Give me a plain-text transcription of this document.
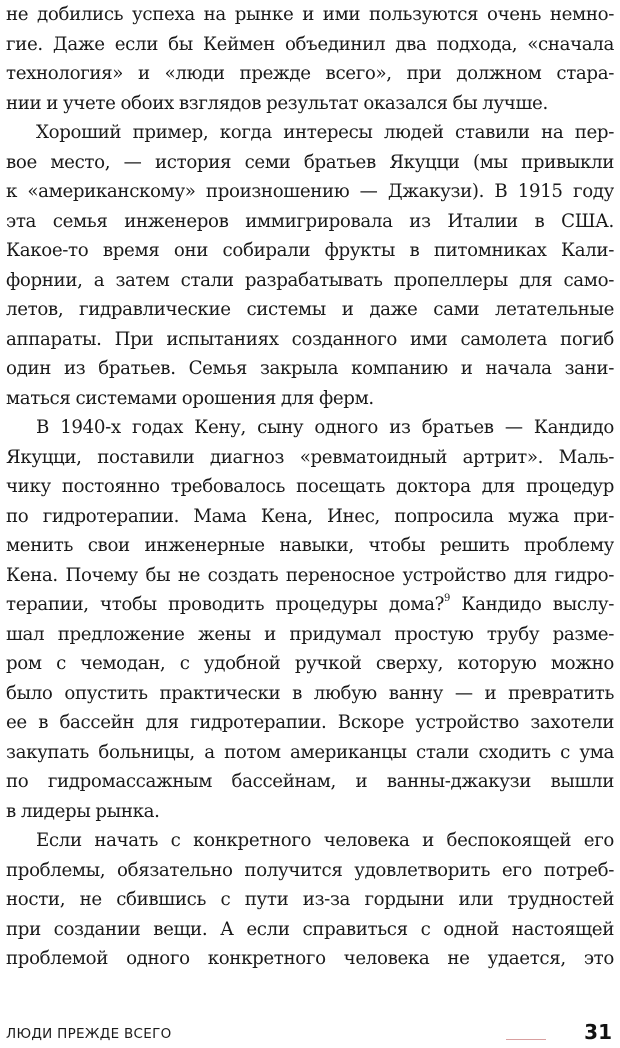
не добились успеха на рынке и ими пользуются очень немно-
гие. Даже если бы Кеймен объединил два подхода, «сначала
технология» и «люди прежде всего», при должном стара-
нии и учете обоих взглядов результат оказался бы лучше.
Хороший пример, когда интересы людей ставили на пер-
вое место, — история семи братьев Якуцци (мы привыкли
к «американскому» произношению — Джакузи). В 1915 году
эта семья инженеров иммигрировала из Италии в США.
Какое-то время они собирали фрукты в питомниках Кали-
форнии, а затем стали разрабатывать пропеллеры для само-
летов, гидравлические системы и даже сами летательные
аппараты. При испытаниях созданного ими самолета погиб
один из братьев. Семья закрыла компанию и начала зани-
маться системами орошения для ферм.
В 1940-х годах Кену, сыну одного из братьев — Кандидо
Якуцци, поставили диагноз «ревматоидный артрит». Маль-
чику постоянно требовалось посещать доктора для процедур
по гидротерапии. Мама Кена, Инес, попросила мужа при-
менить свои инженерные навыки, чтобы решить проблему
Кена. Почему бы не создать переносное устройство для гидро-
терапии, чтобы проводить процедуры дома?$^9$ Кандидо выслу-
шал предложение жены и придумал простую трубу разме-
ром с чемодан, с удобной ручкой сверху, которую можно
было опустить практически в любую ванну — и превратить
ее в бассейн для гидротерапии. Вскоре устройство захотели
закупать больницы, а потом американцы стали сходить с ума
по гидромассажным бассейнам, и ванны-джакузи вышли
в лидеры рынка.
Если начать с конкретного человека и беспокоящей его
проблемы, обязательно получится удовлетворить его потреб-
ности, не сбившись с пути из-за гордыни или трудностей
при создании вещи. А если справиться с одной настоящей
проблемой одного конкретного человека не удается, это
ЛЮДИ ПРЕЖДЕ ВСЕГО	31
